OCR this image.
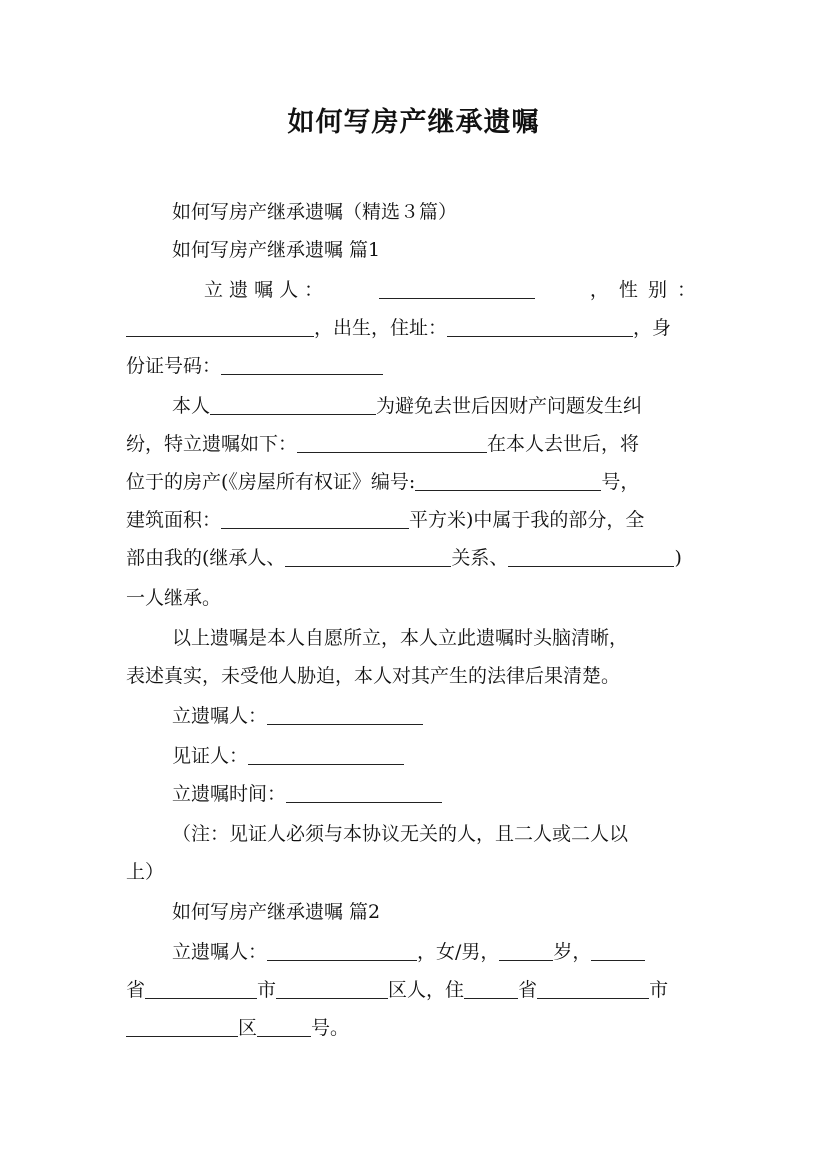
如何写房产继承遗嘱
如何写房产继承遗嘱（精选３篇）
如何写房产继承遗嘱 篇1
立 遗 嘱 人 ：	， 性 别 ：
，出生，住址：	，身
份证号码：
本人	为避免去世后因财产问题发生纠
纷，特立遗嘱如下：	在本人去世后，将
位于的房产(《房屋所有权证》编号:	号，
建筑面积：	平方米)中属于我的部分，全
部由我的(继承人、	关系、	)
一人继承。
以上遗嘱是本人自愿所立，本人立此遗嘱时头脑清晰，
表述真实，未受他人胁迫，本人对其产生的法律后果清楚。
立遗嘱人：
见证人：
立遗嘱时间：
（注：见证人必须与本协议无关的人，且二人或二人以
上）
如何写房产继承遗嘱 篇2
立遗嘱人：	，女/男，	岁，
省	市	区人，住	省	市
区	号。
